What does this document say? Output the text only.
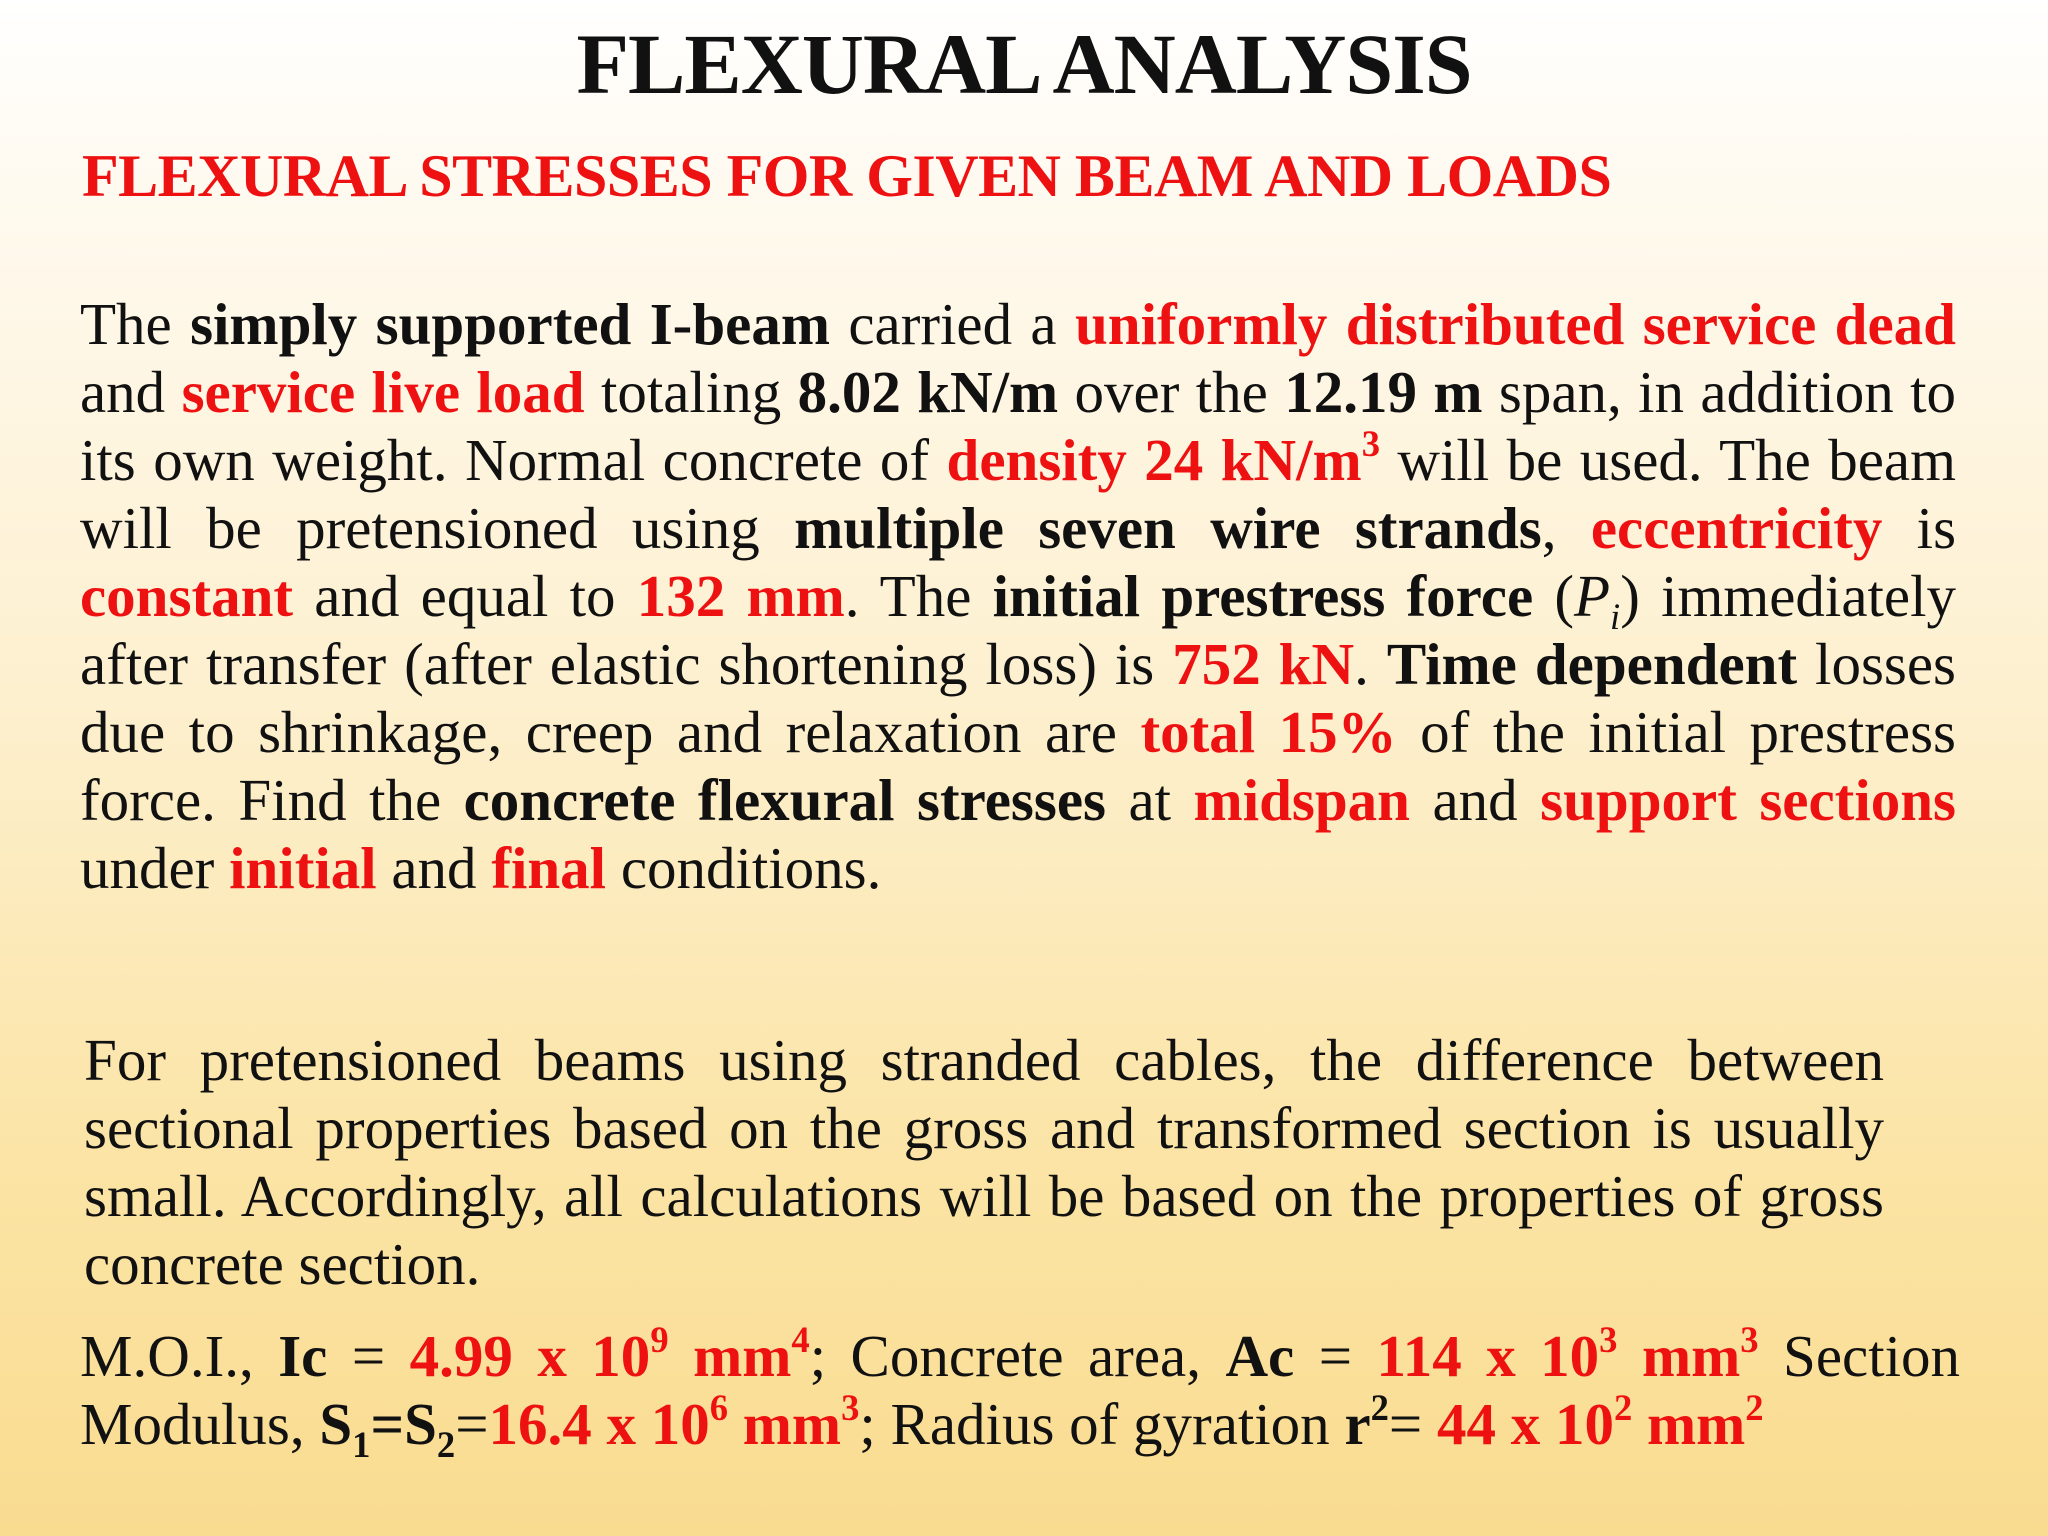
FLEXURAL ANALYSIS
FLEXURAL STRESSES FOR GIVEN BEAM AND LOADS
The simply supported I-beam carried a uniformly distributed service dead and service live load totaling 8.02 kN/m over the 12.19 m span, in addition to its own weight. Normal concrete of density 24 $kN/m^3$ will be used. The beam will be pretensioned using multiple seven wire strands, eccentricity is constant and equal to 132 mm. The initial prestress force $(P_i)$ immediately after transfer (after elastic shortening loss) is 752 kN. Time dependent losses due to shrinkage, creep and relaxation are total 15% of the initial prestress force. Find the concrete flexural stresses at midspan and support sections under initial and final conditions.
For pretensioned beams using stranded cables, the difference between sectional properties based on the gross and transformed section is usually small. Accordingly, all calculations will be based on the properties of gross concrete section.
M.O.I., Ic = 4.99 x $10^9$ $mm^4$; Concrete area, Ac = 114 x $10^3$ $mm^3$ Section Modulus, $S_1=S_2=16.4$ x $10^6$ $mm^3$; Radius of gyration $r^2= 44$ x $10^2$ $mm^2$
